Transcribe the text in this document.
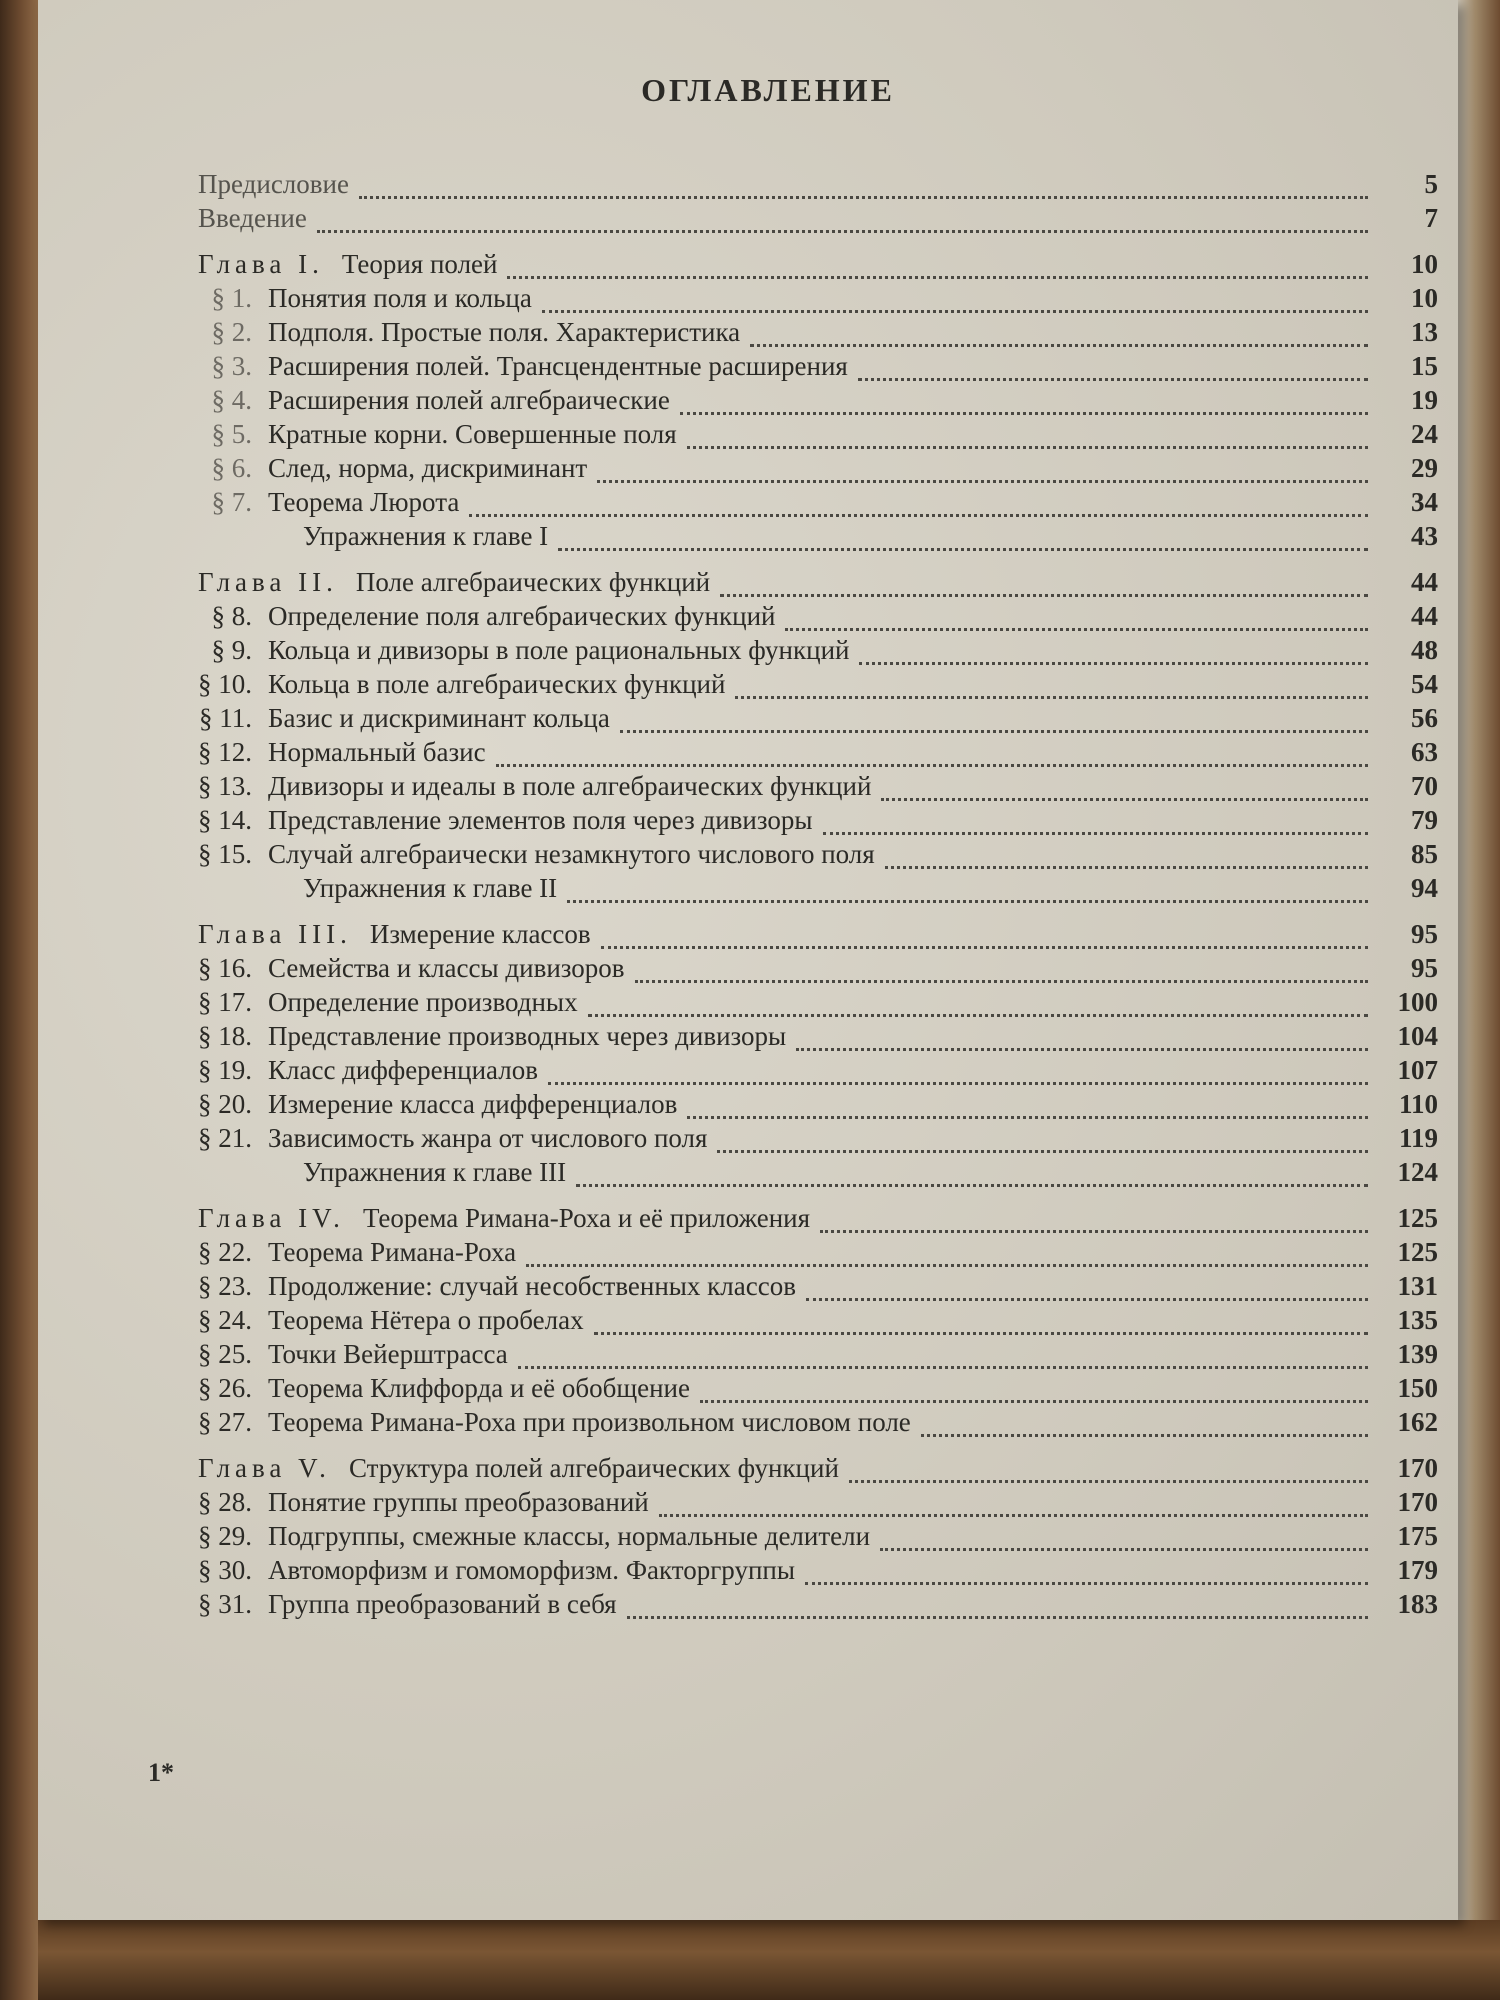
ОГЛАВЛЕНИЕ
Предисловие	5
Введение	7
Глава I. Теория полей	10
§ 1. Понятия поля и кольца	10
§ 2. Подполя. Простые поля. Характеристика	13
§ 3. Расширения полей. Трансцендентные расширения	15
§ 4. Расширения полей алгебраические	19
§ 5. Кратные корни. Совершенные поля	24
§ 6. След, норма, дискриминант	29
§ 7. Теорема Люрота	34
Упражнения к главе I	43
Глава II. Поле алгебраических функций	44
§ 8. Определение поля алгебраических функций	44
§ 9. Кольца и дивизоры в поле рациональных функций	48
§ 10. Кольца в поле алгебраических функций	54
§ 11. Базис и дискриминант кольца	56
§ 12. Нормальный базис	63
§ 13. Дивизоры и идеалы в поле алгебраических функций	70
§ 14. Представление элементов поля через дивизоры	79
§ 15. Случай алгебраически незамкнутого числового поля	85
Упражнения к главе II	94
Глава III. Измерение классов	95
§ 16. Семейства и классы дивизоров	95
§ 17. Определение производных	100
§ 18. Представление производных через дивизоры	104
§ 19. Класс дифференциалов	107
§ 20. Измерение класса дифференциалов	110
§ 21. Зависимость жанра от числового поля	119
Упражнения к главе III	124
Глава IV. Теорема Римана-Роха и её приложения	125
§ 22. Теорема Римана-Роха	125
§ 23. Продолжение: случай несобственных классов	131
§ 24. Теорема Нётера о пробелах	135
§ 25. Точки Вейерштрасса	139
§ 26. Теорема Клиффорда и её обобщение	150
§ 27. Теорема Римана-Роха при произвольном числовом поле	162
Глава V. Структура полей алгебраических функций	170
§ 28. Понятие группы преобразований	170
§ 29. Подгруппы, смежные классы, нормальные делители	175
§ 30. Автоморфизм и гомоморфизм. Факторгруппы	179
§ 31. Группа преобразований в себя	183
1*
